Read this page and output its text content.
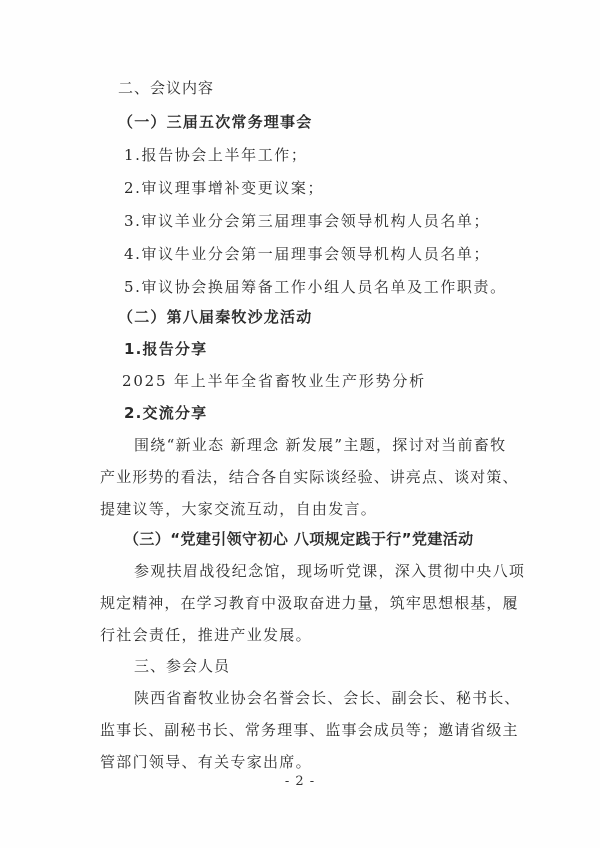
二、会议内容
（一）三届五次常务理事会
1.报告协会上半年工作；
2.审议理事增补变更议案；
3.审议羊业分会第三届理事会领导机构人员名单；
4.审议牛业分会第一届理事会领导机构人员名单；
5.审议协会换届筹备工作小组人员名单及工作职责。
（二）第八届秦牧沙龙活动
1.报告分享
2025 年上半年全省畜牧业生产形势分析
2.交流分享
围绕“新业态 新理念 新发展”主题，探讨对当前畜牧
产业形势的看法，结合各自实际谈经验、讲亮点、谈对策、
提建议等，大家交流互动，自由发言。
（三）“党建引领守初心 八项规定践于行”党建活动
参观扶眉战役纪念馆，现场听党课，深入贯彻中央八项
规定精神，在学习教育中汲取奋进力量，筑牢思想根基，履
行社会责任，推进产业发展。
三、参会人员
陕西省畜牧业协会名誉会长、会长、副会长、秘书长、
监事长、副秘书长、常务理事、监事会成员等；邀请省级主
管部门领导、有关专家出席。
- 2 -
